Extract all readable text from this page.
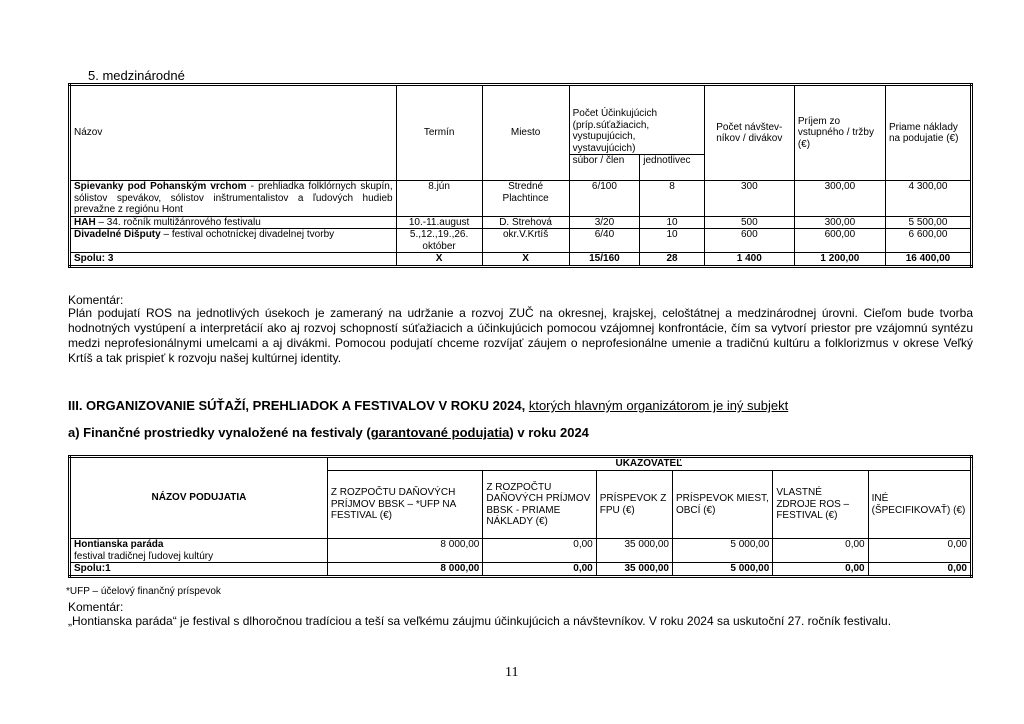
5. medzinárodné
Názov	Termín	Miesto	Počet Účinkujúcich (príp.súťažiacich, vystupujúcich, vystavujúcich)		Počet návštev-níkov / divákov	Príjem zo vstupného / tržby (€)	Priame náklady na podujatie (€)
			súbor / člen	jednotlivec			
Spievanky pod Pohanským vrchom - prehliadka folklórnych skupín, sólistov spevákov, sólistov inštrumentalistov a ľudových hudieb prevažne z regiónu Hont	8.jún	Stredné Plachtince	6/100	8	300	300,00	4 300,00
HAH – 34. ročník multižánrového festivalu	10.-11.august	D. Strehová	3/20	10	500	300,00	5 500,00
Divadelné Dišputy – festival ochotníckej divadelnej tvorby	5.,12.,19.,26. október	okr.V.Krtíš	6/40	10	600	600,00	6 600,00
Spolu: 3	X	X	15/160	28	1 400	1 200,00	16 400,00
Komentár:
Plán podujatí ROS na jednotlivých úsekoch je zameraný na udržanie a rozvoj ZUČ na okresnej, krajskej, celoštátnej a medzinárodnej úrovni. Cieľom bude tvorba hodnotných vystúpení a interpretácií ako aj rozvoj schopností súťažiacich a účinkujúcich pomocou vzájomnej konfrontácie, čím sa vytvorí priestor pre vzájomnú syntézu medzi neprofesionálnymi umelcami a aj divákmi. Pomocou podujatí chceme rozvíjať záujem o neprofesionálne umenie a tradičnú kultúru a folklorizmus v okrese Veľký Krtíš a tak prispieť k rozvoju našej kultúrnej identity.
III. ORGANIZOVANIE SÚŤAŽÍ, PREHLIADOK A FESTIVALOV V ROKU 2024, ktorých hlavným organizátorom je iný subjekt
a) Finančné prostriedky vynaložené na festivaly (garantované podujatia) v roku 2024
NÁZOV PODUJATIA	UKAZOVATEĽ					
	Z ROZPOČTU DAŇOVÝCH PRÍJMOV BBSK – *UFP NA FESTIVAL (€)	Z ROZPOČTU DAŇOVÝCH PRÍJMOV BBSK - PRIAME NÁKLADY (€)	PRÍSPEVOK Z FPU (€)	PRÍSPEVOK MIEST, OBCÍ (€)	VLASTNÉ ZDROJE ROS – FESTIVAL (€)	INÉ (ŠPECIFIKOVAŤ) (€)
Hontianska paráda
festival tradičnej ľudovej kultúry	8 000,00	0,00	35 000,00	5 000,00	0,00	0,00
Spolu:1	8 000,00	0,00	35 000,00	5 000,00	0,00	0,00
*UFP – účelový finančný príspevok
Komentár:
„Hontianska paráda“ je festival s dlhoročnou tradíciou a teší sa veľkému záujmu účinkujúcich a návštevníkov. V roku 2024 sa uskutoční 27. ročník festivalu.
11
